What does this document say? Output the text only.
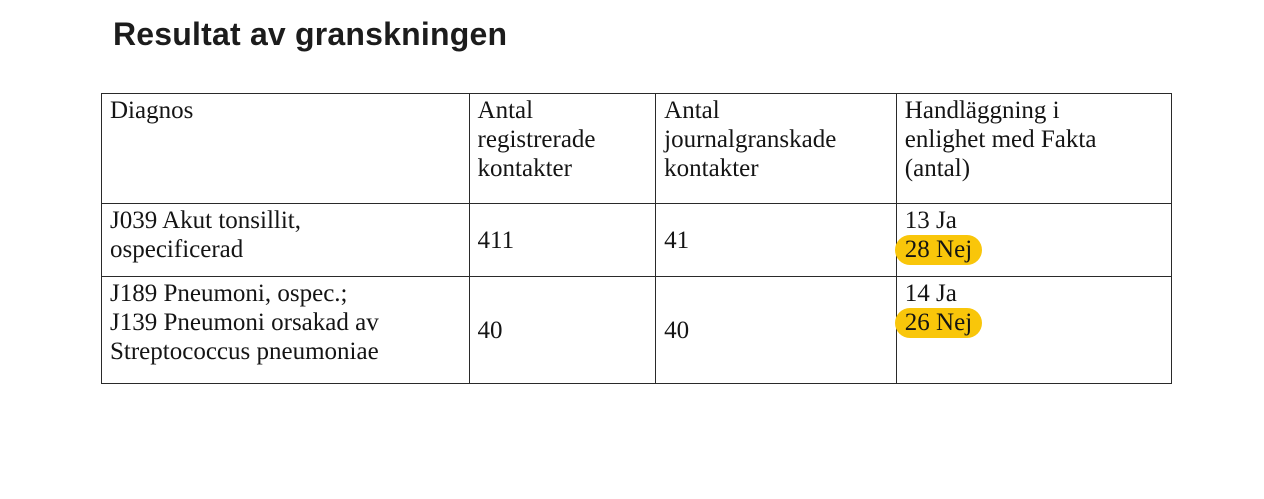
Resultat av granskningen
Diagnos	Antal
registrerade
kontakter	Antal
journalgranskade
kontakter	Handläggning i
enlighet med Fakta
(antal)

J039 Akut tonsillit,
ospecificerad	411	41	13 Ja
28 Nej

J189 Pneumoni, ospec.;
J139 Pneumoni orsakad av
Streptococcus pneumoniae	40	40	14 Ja
26 Nej
